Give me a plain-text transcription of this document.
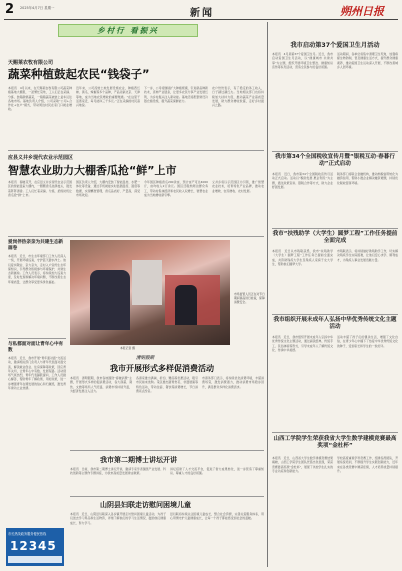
2 2025年4月7日 星期一	新闻	朔州日报
乡村行 看振兴
天赐莱农牧有限公司
蔬菜种植鼓起农民“钱袋子”
本报讯　4月以来，在天赐莱农牧有限公司蔬菜种植基地大棚里，一派繁忙景象，工人们正在采摘、分拣、装箱新鲜蔬菜，一箱箱蔬菜被装上货车运往各地市场。基地负责人介绍，公司采取“公司+合作社+农户”模式，带动周边村民在家门口就业增收。
近年来，公司流转土地发展设施农业，种植西红柿、黄瓜、辣椒等多个品种，产品远销北京、天津等地，成为当地农民增收的重要渠道。“在这里干活离家近，每月能挣三千多元。”正在采摘的村民高兴地说。
下一步，公司将继续扩大种植规模，引进新品种新技术，延伸产业链条，让更多农民分享产业发展红利，为乡村振兴注入新动能。基地还将配套建设冷链仓储设施，提升蔬菜保鲜能力。
农户纷纷表示，有了稳定的务工收入，日子越过越红火。当地相关部门也将持续加大扶持力度，推动蔬菜产业高质量发展，助力群众增收致富，走好乡村振兴之路。
应县义井乡现代农业示范园区
智慧农业助力大棚香瓜抢“鲜”上市
本报讯　春暖花开，在应县义井乡现代农业示范园区的智能温室大棚内，一颗颗香瓜挂满枝头，散发着阵阵清香。工人们忙着采摘、分拣，抢抓时机让香瓜抢“鲜”上市。
园区负责人介绍，大棚内安装了智能温控、水肥一体化等设备，通过手机就能实时监测温度、湿度等数据，实现精准管理，香瓜品质好、产量高，深受市场欢迎。
今年园区种植香瓜200余亩，预计亩产可达4000斤，亩均收入2万余元。园区还吸纳周边群众务工，带动村集体经济和农民收入双增长，智慧农业成为当地增收新引擎。
义井乡将以示范园区为引领，推广智慧农业技术，培育特色产业品牌，推动农业增效、农民增收、农村发展。
爱岗伴热亲亲为共建生态新画卷
本报讯　近日，市生态环境部门工作人员深入一线，开展环境巡查，守护蓝天碧水净土。他们爱岗敬业、亲力亲为，走村入户宣传生态环保知识，引导群众积极参与环境保护，共建生态新画卷。工作人员表示，将持续加大巡查力度，及时发现和解决环境问题，不断改善生态环境质量，让群众享受更多绿色福祉。
市场监管人员正在对节日期间商品进行检查，保障消费安全。
本报记者 摄
清明假期
我市开展形式多样促消费活动
本报讯　清明假期，我市各地围绕“春暖消费”主题，开展形式多样的促消费活动，各大商超、餐饮、文旅等场所人气旺盛，消费市场持续升温，为经济发展注入活力。
各商家推出满减、折扣、赠品等优惠活动，吸引市民前来选购。景区推出踏青赏花、非遗展演等特色活动，带动住宿、餐饮等消费增长，节日消费亮点纷呈。
市商务部门表示，将持续优化消费环境，丰富消费场景，激发消费潜力，推动消费市场稳步回升，满足群众多样化消费需求。
与私都面对面让青年心中有数
本报讯　近日，我市开展“青年面对面”交流活动，邀请相关部门负责人与青年代表面对面交流，解读就业创业、住房保障等政策，回应青年关切，让青年心中有数、发展有路。活动现场气氛热烈，青年代表踊跃提问，工作人员耐心解答，帮助青年了解政策、用好政策，进一步增强青年在朔发展的信心和归属感，激发青年建功立业热情。
我市第二期博士讲坛开讲
本报讯　日前，我市第二期博士讲坛开讲，邀请专家学者围绕产业发展、科技创新等主题作专题讲座，为我市高质量发展建言献策。
讲坛搭建了人才交流平台，促进了智力成果转化，进一步营造了尊重知识、尊重人才的良好氛围。
山阴县妇联走访慰问困境儿童
本报讯　近日，山阴县妇联深入各乡镇开展走访慰问困境儿童活动，为孩子们送去学习用品和生活物资，详细了解他们的学习生活情况，鼓励他们健康成长、努力学习。
县妇联将持续关注困境儿童成长，整合社会资源，完善关爱服务体系，用心用情守护儿童健康成长，让每一个孩子都能感受到社会的温暖。
市长热线政务服务便民热线
12345
我市启动第37个爱国卫生月活动
本报讯　4月是第37个爱国卫生月。近日，我市启动爱国卫生月活动，以“健康城市 共建共享”为主题，组织开展环境卫生整治、健康知识宣传等系列活动，营造全民参与的良好氛围。
活动期间，各单位将集中清理卫生死角，加强病媒生物防制，普及健康生活方式，提升群众健康素养，推动爱国卫生运动深入开展，不断改善城乡人居环境。
我市第34个全国税收宣传月暨“银税互动·春暮行动”正式启动
本报讯　近日，我市第34个全国税收宣传月活动正式启动。活动以“税助发展 惠企利民”为主题，通过政策宣讲、银税合作等方式，助力企业纾困发展。
税务部门将联合金融机构，推动纳税信用转化为融资信用，帮助小微企业解决融资难题，持续优化税收营商环境。
我市“扶残助学（大学生）圆梦工程”工作任务提前全面完成
本报讯　近日从市残联获悉，我市“扶残助学（大学生）圆梦工程”工作任务已提前全面完成，共资助残疾大学生及残疾人家庭子女大学生，帮助他们圆梦大学。
市残联表示，将持续做好助残助学工作，切实解决残疾学生实际困难，让他们安心求学、顺利成才，为残疾人事业发展贡献力量。
我市组织开展未成年人弘扬中华优秀传统文化主题活动
本报讯　近日，我市组织开展未成年人弘扬中华优秀传统文化主题活动，通过诵读经典、传统手工、民俗体验等形式，引导未成年人了解传统文化、传承中华美德。
活动丰富了孩子们的课余生活，增强了文化自信，在青少年心中播下了热爱中华优秀传统文化的种子，受到家长和学生的一致好评。
山西工学院学生荣获我省大学生数学建模竞赛最高奖项“金杜杯”
本报讯　近日，山西省大学生数学建模竞赛结果揭晓，山西工学院学生团队凭借出色表现，荣获竞赛最高奖项“金杜杯”，展现了该校学生扎实的专业功底和创新能力。
学校高度重视学科竞赛工作，组建指导团队，开展系统培训，不断提升学生实践创新能力，近年来在各类竞赛中屡获佳绩，人才培养质量持续提升。
